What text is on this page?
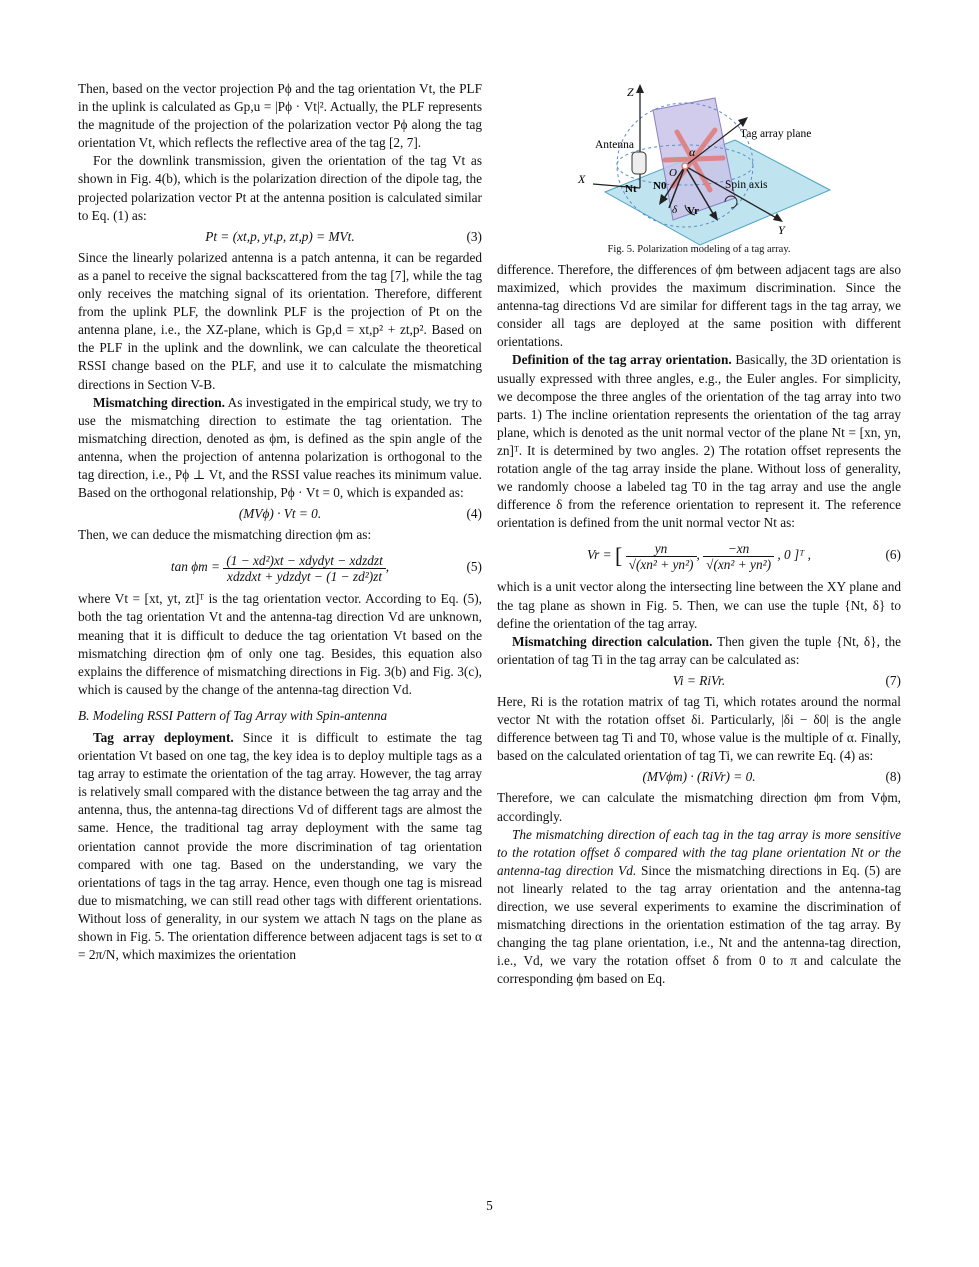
Then, based on the vector projection Pϕ and the tag orientation Vt, the PLF in the uplink is calculated as Gp,u = |Pϕ · Vt|². Actually, the PLF represents the magnitude of the projection of the polarization vector Pϕ along the tag orientation Vt, which reflects the reflective area of the tag [2, 7].

For the downlink transmission, given the orientation of the tag Vt as shown in Fig. 4(b), which is the polarization direction of the dipole tag, the projected polarization vector Pt at the antenna position is calculated similar to Eq. (1) as:

Pt = (xt,p, yt,p, zt,p) = MVt.	(3)

Since the linearly polarized antenna is a patch antenna, it can be regarded as a panel to receive the signal backscattered from the tag [7], while the tag only receives the matching signal of its orientation. Therefore, different from the uplink PLF, the downlink PLF is the projection of Pt on the antenna plane, i.e., the XZ-plane, which is Gp,d = xt,p² + zt,p². Based on the PLF in the uplink and the downlink, we can calculate the theoretical RSSI change based on the PLF, and use it to calculate the mismatching directions in Section V-B.

Mismatching direction. As investigated in the empirical study, we try to use the mismatching direction to estimate the tag orientation. The mismatching direction, denoted as ϕm, is defined as the spin angle of the antenna, when the projection of antenna polarization is orthogonal to the tag direction, i.e., Pϕ ⊥ Vt, and the RSSI value reaches its minimum value. Based on the orthogonal relationship, Pϕ · Vt = 0, which is expanded as:

(MVϕ) · Vt = 0.	(4)

Then, we can deduce the mismatching direction ϕm as:

$\tan \phi m = \frac{\text{(1 − xd²)xt − xdydyt − xdzdzt}}{\text{xdzdxt + ydzdyt − (1 − zd²)zt}}$ ,	(5)

where Vt = [xt, yt, zt]ᵀ is the tag orientation vector. According to Eq. (5), both the tag orientation Vt and the antenna-tag direction Vd are unknown, meaning that it is difficult to deduce the tag orientation Vt based on the mismatching direction ϕm of only one tag. Besides, this equation also explains the difference of mismatching directions in Fig. 3(b) and Fig. 3(c), which is caused by the change of the antenna-tag direction Vd.

B. Modeling RSSI Pattern of Tag Array with Spin-antenna

Tag array deployment. Since it is difficult to estimate the tag orientation Vt based on one tag, the key idea is to deploy multiple tags as a tag array to estimate the orientation of the tag array. However, the tag array is relatively small compared with the distance between the tag array and the antenna, thus, the antenna-tag directions Vd of different tags are almost the same. Hence, the traditional tag array deployment with the same tag orientation cannot provide the more discrimination of tag orientation compared with one tag. Based on the understanding, we vary the orientations of tags in the tag array. Hence, even though one tag is misread due to mismatching, we can still read other tags with different orientations. Without loss of generality, in our system we attach N tags on the plane as shown in Fig. 5. The orientation difference between adjacent tags is set to α = 2π/N, which maximizes the orientation

Z
X
Y
O
α
Antenna
Tag array plane
Spin axis
Nt N0
δ Vr
Fig. 5. Polarization modeling of a tag array.

difference. Therefore, the differences of ϕm between adjacent tags are also maximized, which provides the maximum discrimination. Since the antenna-tag directions Vd are similar for different tags in the tag array, we consider all tags are deployed at the same position with different orientations.

Definition of the tag array orientation. Basically, the 3D orientation is usually expressed with three angles, e.g., the Euler angles. For simplicity, we decompose the three angles of the orientation of the tag array into two parts. 1) The incline orientation represents the orientation of the tag array plane, which is denoted as the unit normal vector of the plane Nt = [xn, yn, zn]ᵀ. It is determined by two angles. 2) The rotation offset represents the rotation angle of the tag array inside the plane. Without loss of generality, we randomly choose a labeled tag T0 in the tag array and use the angle difference δ from the reference orientation to represent it. The reference orientation is defined from the unit normal vector Nt as:

Vr = [ $\frac{yn}{\text{√(xn² + yn²)}}$ , $\frac{-xn}{\text{√(xn² + yn²)}}$ , 0 ]ᵀ ,	(6)

which is a unit vector along the intersecting line between the XY plane and the tag plane as shown in Fig. 5. Then, we can use the tuple {Nt, δ} to define the orientation of the tag array.

Mismatching direction calculation. Then given the tuple {Nt, δ}, the orientation of tag Ti in the tag array can be calculated as:

Vi = RiVr.	(7)

Here, Ri is the rotation matrix of tag Ti, which rotates around the normal vector Nt with the rotation offset δi. Particularly, |δi − δ0| is the angle difference between tag Ti and T0, whose value is the multiple of α. Finally, based on the calculated orientation of tag Ti, we can rewrite Eq. (4) as:

(MVϕm) · (RiVr) = 0.	(8)

Therefore, we can calculate the mismatching direction ϕm from Vϕm, accordingly.

The mismatching direction of each tag in the tag array is more sensitive to the rotation offset δ compared with the tag plane orientation Nt or the antenna-tag direction Vd. Since the mismatching directions in Eq. (5) are not linearly related to the tag array orientation and the antenna-tag direction, we use several experiments to examine the discrimination of mismatching directions in the orientation estimation of the tag array. By changing the tag plane orientation, i.e., Nt and the antenna-tag direction, i.e., Vd, we vary the rotation offset δ from 0 to π and calculate the corresponding ϕm based on Eq.

5
